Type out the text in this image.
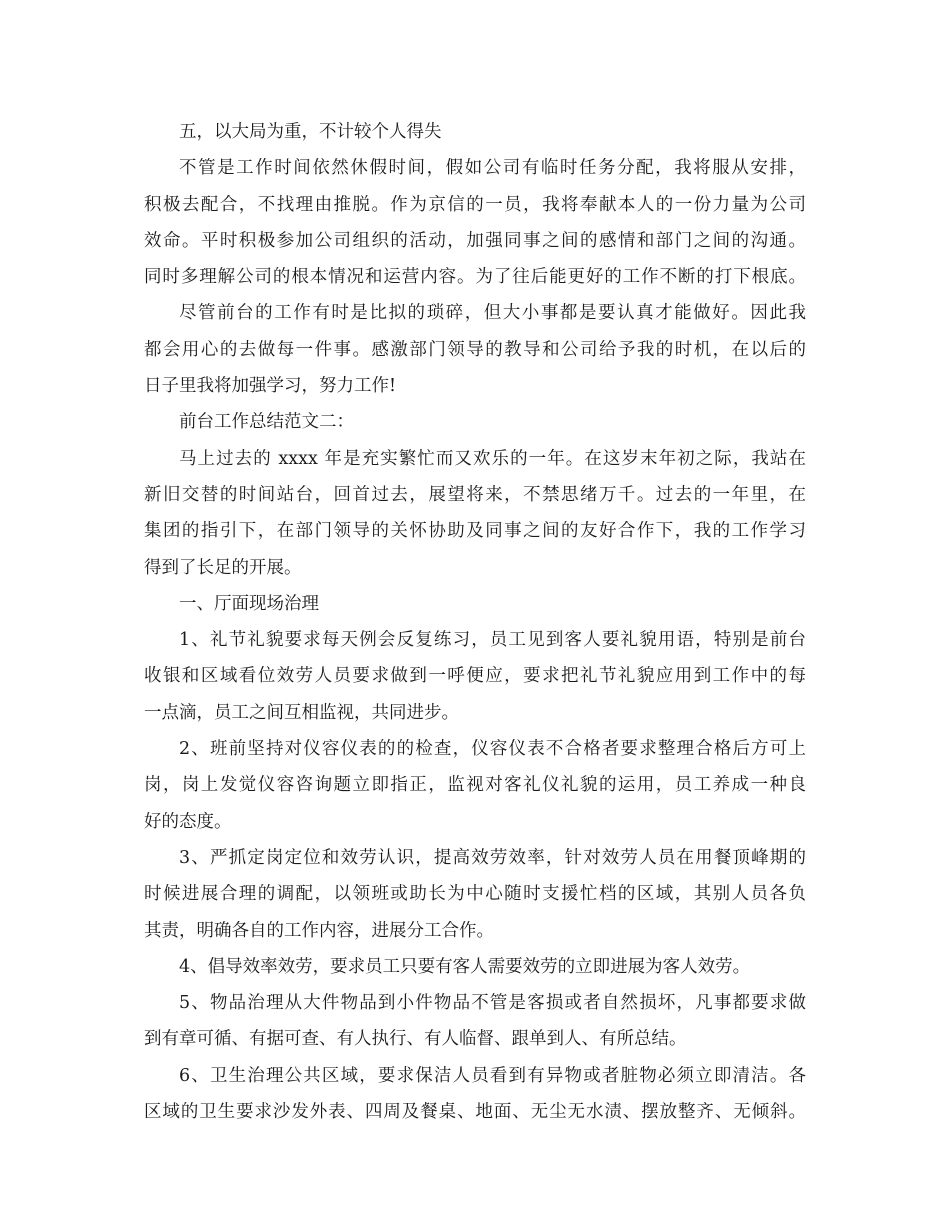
五，以大局为重，不计较个人得失
不管是工作时间依然休假时间，假如公司有临时任务分配，我将服从安排，
积极去配合，不找理由推脱。作为京信的一员，我将奉献本人的一份力量为公司
效命。平时积极参加公司组织的活动，加强同事之间的感情和部门之间的沟通。
同时多理解公司的根本情况和运营内容。为了往后能更好的工作不断的打下根底。
尽管前台的工作有时是比拟的琐碎，但大小事都是要认真才能做好。因此我
都会用心的去做每一件事。感激部门领导的教导和公司给予我的时机，在以后的
日子里我将加强学习，努力工作!
前台工作总结范文二：
马上过去的 xxxx 年是充实繁忙而又欢乐的一年。在这岁末年初之际，我站在
新旧交替的时间站台，回首过去，展望将来，不禁思绪万千。过去的一年里，在
集团的指引下，在部门领导的关怀协助及同事之间的友好合作下，我的工作学习
得到了长足的开展。
一、厅面现场治理
1、礼节礼貌要求每天例会反复练习，员工见到客人要礼貌用语，特别是前台
收银和区域看位效劳人员要求做到一呼便应，要求把礼节礼貌应用到工作中的每
一点滴，员工之间互相监视，共同进步。
2、班前坚持对仪容仪表的的检查，仪容仪表不合格者要求整理合格后方可上
岗，岗上发觉仪容咨询题立即指正，监视对客礼仪礼貌的运用，员工养成一种良
好的态度。
3、严抓定岗定位和效劳认识，提高效劳效率，针对效劳人员在用餐顶峰期的
时候进展合理的调配，以领班或助长为中心随时支援忙档的区域，其别人员各负
其责，明确各自的工作内容，进展分工合作。
4、倡导效率效劳，要求员工只要有客人需要效劳的立即进展为客人效劳。
5、物品治理从大件物品到小件物品不管是客损或者自然损坏，凡事都要求做
到有章可循、有据可查、有人执行、有人临督、跟单到人、有所总结。
6、卫生治理公共区域，要求保洁人员看到有异物或者脏物必须立即清洁。各
区域的卫生要求沙发外表、四周及餐桌、地面、无尘无水渍、摆放整齐、无倾斜。
